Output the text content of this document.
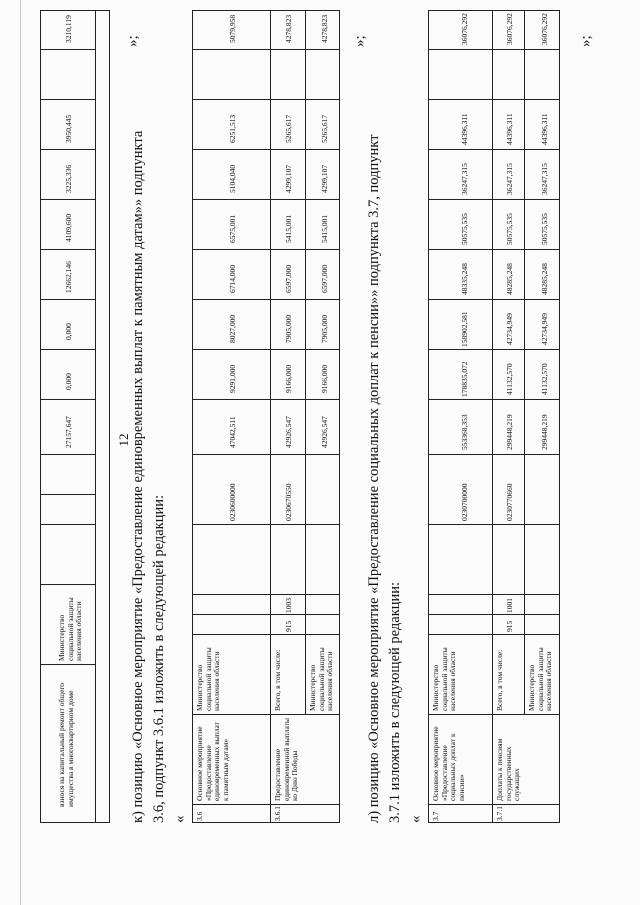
12
взнося на капитальный ремонт общего имущества в многоквартирном доме
Министерство социальной защиты населения области
27157,647
0,000
0,000
12662,146
4109,600
3225,336
3950,445
3210,119	»;
к) позицию «Основное мероприятие «Предоставление единовременных выплат к памятным датам»» подпункта 3.6, подпункт 3.6.1 изложить в следующей редакции: « 3.6
Основное мероприятие «Предоставление единовременных выплат к памятным датам»
Министерство социальной защиты населения области
0230600000
47042,511
9291,000
8027,000
6714,000
6575,001
5104,040
6251,513
5079,958
3.6.1
Предоставление единовременной выплаты ко Дню Победы
Всего, в том числе:
915
1003
0230670550
42926,547
9166,000
7905,000
6597,000
5415,001
4299,107
5265,617
4278,823
Министерство социальной защиты населения области
42926,547
9166,000
7905,000
6597,000
5415,001
4299,107
5265,617
4278,823 »;
л) позицию «Основное мероприятие «Предоставление социальных доплат к пенсии»» подпункта 3.7, подпункт 3.7.1 изложить в следующей редакции: « 3.7
Основное мероприятие «Предоставление социальных доплат к пенсии»
Министерство социальной защиты населения области
0230700000
553368,353
178835,072
158902,581
48335,248
50575,535
36247,315
44396,311
36076,292
3.7.1
Доплаты к пенсиям государственных служащих
Всего, в том числе:
915
1001
0230770660
299448,219
41132,570
42734,949
48285,248
50575,535
36247,315
44396,311
36076,292
Министерство социальной защиты населения области
299448,219
41132,570
42734,949
48285,248
50575,535
36247,315
44396,311
36076,292 »;
